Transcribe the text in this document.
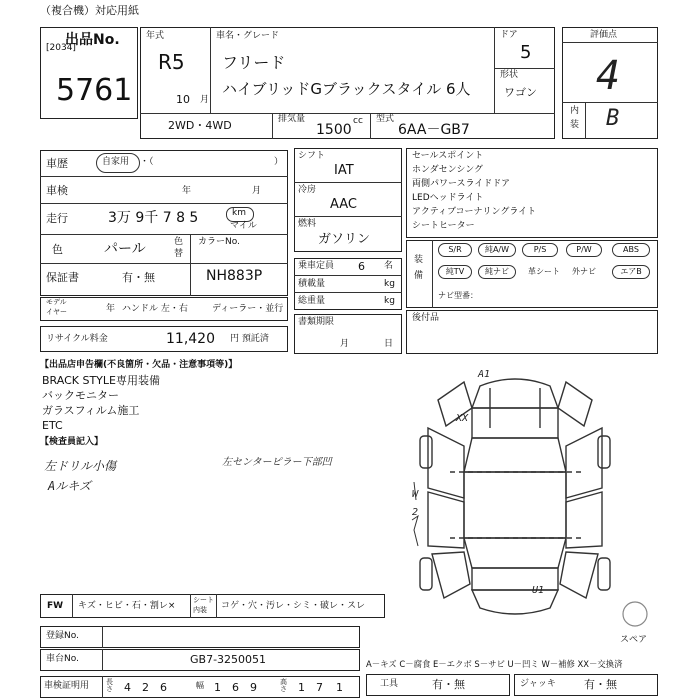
（複合機）対応用紙
出品No.
[2034]
5761
年式
R5
10 月
車名・グレード
フリード
ハイブリッドGブラックスタイル 6人
ドア
5
形状
ワゴン
2WD・4WD	排気量	cc
1500
型式
6AA－GB7
評価点
4
内
装 B
車歴	自家用 ・（	）
車検	年	月
走行	3万 9千 7 8 5	km
マイル
色	パール	色
替
カラーNo.
NH883P
保証書	有・無
モデル
イヤー	年 ハンドル 左・右	ディーラー・並行
リサイクル料金	11,420 円 預託済
シフト
IAT
冷房
AAC
燃料
ガソリン
乗車定員 6 名
積載量	kg
総重量	kg
書類期限
月	日
セールスポイント
ホンダセンシング
両側パワースライドドア
LEDヘッドライト
アクティブコーナリングライト
シートヒーター
装
備
S/R	純A/W	P/S	P/W	ABS
純TV	純ナビ	革シート 外ナビ	エアB
ナビ型番：
後付品
【出品店申告欄(不良箇所・欠品・注意事項等)】
BRACK STYLE専用装備
バックモニター
ガラスフィルム施工
ETC
【検査員記入】
左ドリル小傷
Aルキズ
左センターピラー下部凹
A1
XX
W
2
U1
スペア
FW キズ・ヒビ・石・割レ×
シート
内装 コゲ・穴・汚レ・シミ・破レ・スレ
登録No.
車台No.	GB7-3250051
車検証明用 長さ 4 2 6	幅 1 6 9	高さ 1 7 1
A－キズ C－腐食 E－エクボ S－サビ U－凹ミ W－補修 XX－交換済
工具	有・無	ジャッキ	有・無
